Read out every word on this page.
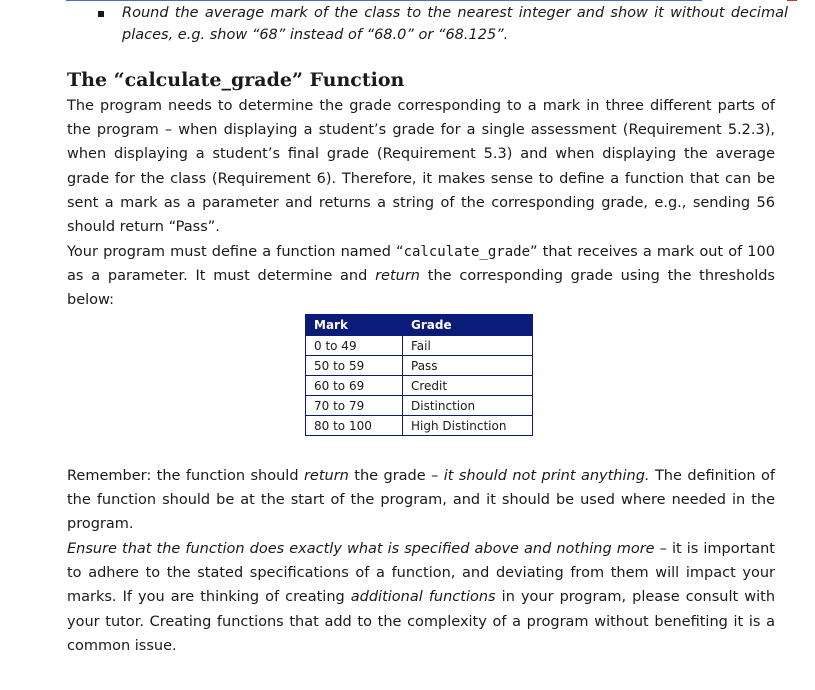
Round the average mark of the class to the nearest integer and show it without decimal places, e.g. show “68” instead of “68.0” or “68.125”.

The “calculate_grade” Function

The program needs to determine the grade corresponding to a mark in three different parts of the program – when displaying a student’s grade for a single assessment (Requirement 5.2.3), when displaying a student’s final grade (Requirement 5.3) and when displaying the average grade for the class (Requirement 6). Therefore, it makes sense to define a function that can be sent a mark as a parameter and returns a string of the corresponding grade, e.g., sending 56 should return “Pass”.

Your program must define a function named “calculate_grade” that receives a mark out of 100 as a parameter. It must determine and return the corresponding grade using the thresholds below:

Mark	Grade
0 to 49	Fail
50 to 59	Pass
60 to 69	Credit
70 to 79	Distinction
80 to 100	High Distinction

Remember: the function should return the grade – it should not print anything. The definition of the function should be at the start of the program, and it should be used where needed in the program.

Ensure that the function does exactly what is specified above and nothing more – it is important to adhere to the stated specifications of a function, and deviating from them will impact your marks. If you are thinking of creating additional functions in your program, please consult with your tutor. Creating functions that add to the complexity of a program without benefiting it is a common issue.
